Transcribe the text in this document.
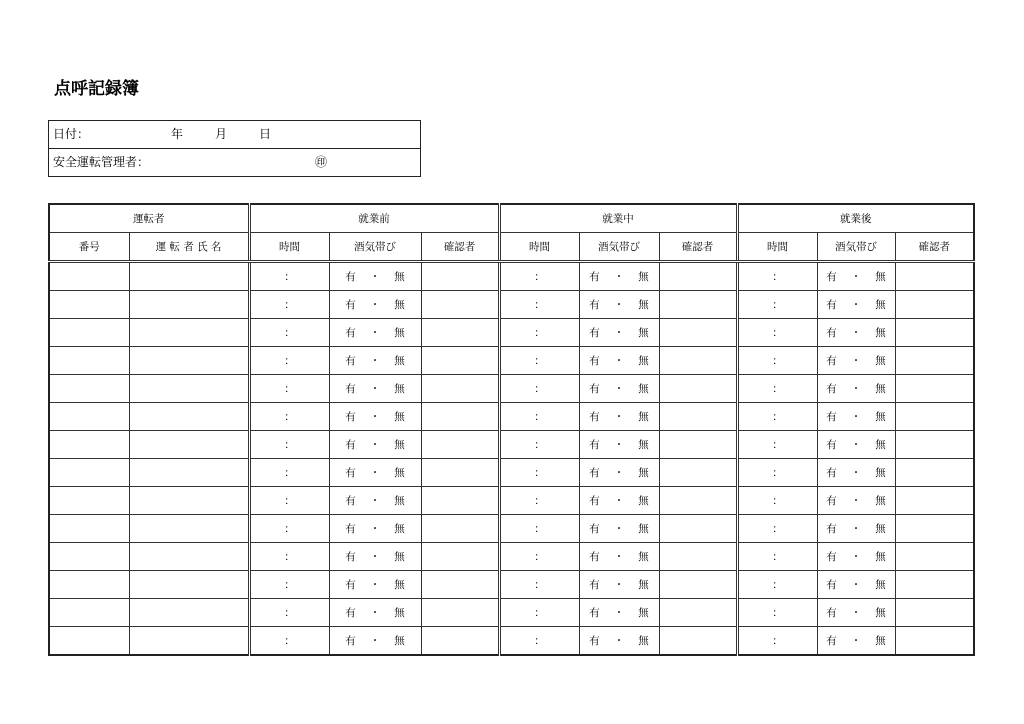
点呼記録簿
日付：	年	月	日
安全運転管理者：	㊞
運転者		就業前			就業中			就業後		
番号	運 転 者 氏 名	時間	酒気帯び	確認者	時間	酒気帯び	確認者	時間	酒気帯び	確認者
		：	有 ・ 無		：	有 ・ 無		：	有 ・ 無	
		：	有 ・ 無		：	有 ・ 無		：	有 ・ 無	
		：	有 ・ 無		：	有 ・ 無		：	有 ・ 無	
		：	有 ・ 無		：	有 ・ 無		：	有 ・ 無	
		：	有 ・ 無		：	有 ・ 無		：	有 ・ 無	
		：	有 ・ 無		：	有 ・ 無		：	有 ・ 無	
		：	有 ・ 無		：	有 ・ 無		：	有 ・ 無	
		：	有 ・ 無		：	有 ・ 無		：	有 ・ 無	
		：	有 ・ 無		：	有 ・ 無		：	有 ・ 無	
		：	有 ・ 無		：	有 ・ 無		：	有 ・ 無	
		：	有 ・ 無		：	有 ・ 無		：	有 ・ 無	
		：	有 ・ 無		：	有 ・ 無		：	有 ・ 無	
		：	有 ・ 無		：	有 ・ 無		：	有 ・ 無	
		：	有 ・ 無		：	有 ・ 無		：	有 ・ 無	
